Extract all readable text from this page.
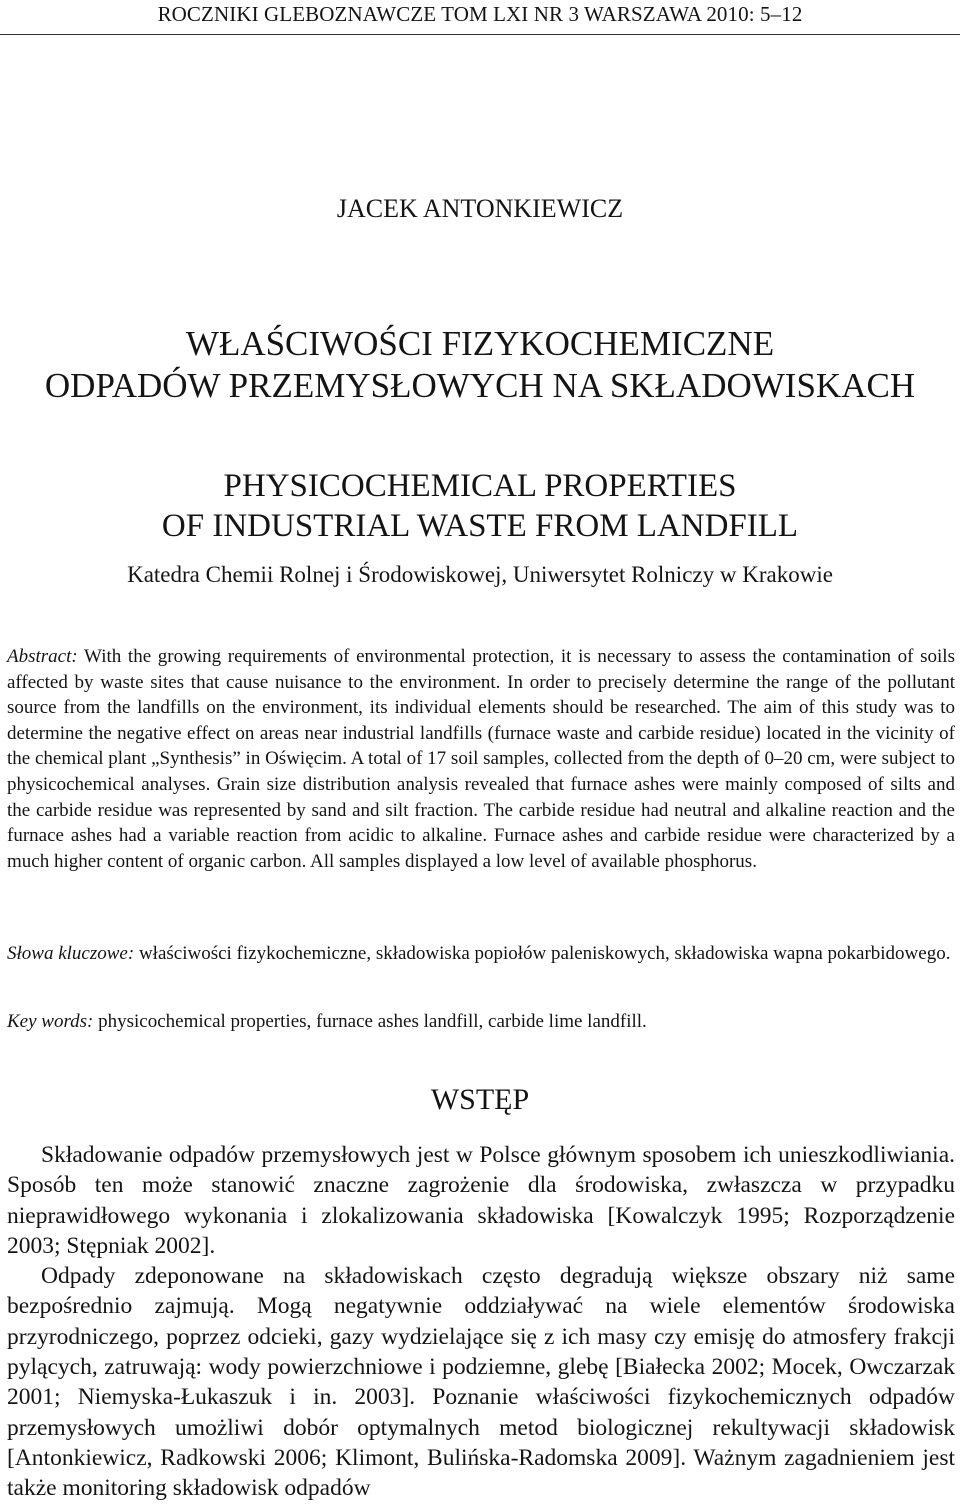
ROCZNIKI GLEBOZNAWCZE TOM LXI NR 3 WARSZAWA 2010: 5–12
JACEK ANTONKIEWICZ
WŁAŚCIWOŚCI FIZYKOCHEMICZNE
ODPADÓW PRZEMYSŁOWYCH NA SKŁADOWISKACH
PHYSICOCHEMICAL PROPERTIES
OF INDUSTRIAL WASTE FROM LANDFILL
Katedra Chemii Rolnej i Środowiskowej, Uniwersytet Rolniczy w Krakowie
Abstract: With the growing requirements of environmental protection, it is necessary to assess the contamination of soils affected by waste sites that cause nuisance to the environment. In order to precisely determine the range of the pollutant source from the landfills on the environment, its individual elements should be researched. The aim of this study was to determine the negative effect on areas near industrial landfills (furnace waste and carbide residue) located in the vicinity of the chemical plant „Synthesis” in Oświęcim. A total of 17 soil samples, collected from the depth of 0–20 cm, were subject to physicochemical analyses. Grain size distribution analysis revealed that furnace ashes were mainly composed of silts and the carbide residue was represented by sand and silt fraction. The carbide residue had neutral and alkaline reaction and the furnace ashes had a variable reaction from acidic to alkaline. Furnace ashes and carbide residue were characterized by a much higher content of organic carbon. All samples displayed a low level of available phosphorus.
Słowa kluczowe: właściwości fizykochemiczne, składowiska popiołów paleniskowych, składowiska wapna pokarbidowego.
Key words: physicochemical properties, furnace ashes landfill, carbide lime landfill.
WSTĘP

Składowanie odpadów przemysłowych jest w Polsce głównym sposobem ich unieszkodliwiania. Sposób ten może stanowić znaczne zagrożenie dla środowiska, zwłaszcza w przypadku nieprawidłowego wykonania i zlokalizowania składowiska [Kowalczyk 1995; Rozporządzenie 2003; Stępniak 2002].

Odpady zdeponowane na składowiskach często degradują większe obszary niż same bezpośrednio zajmują. Mogą negatywnie oddziaływać na wiele elementów środowiska przyrodniczego, poprzez odcieki, gazy wydzielające się z ich masy czy emisję do atmosfery frakcji pylących, zatruwają: wody powierzchniowe i podziemne, glebę [Białecka 2002; Mocek, Owczarzak 2001; Niemyska-Łukaszuk i in. 2003]. Poznanie właściwości fizykochemicznych odpadów przemysłowych umożliwi dobór optymalnych metod biologicznej rekultywacji składowisk [Antonkiewicz, Radkowski 2006; Klimont, Bulińska-Radomska 2009]. Ważnym zagadnieniem jest także monitoring składowisk odpadów
